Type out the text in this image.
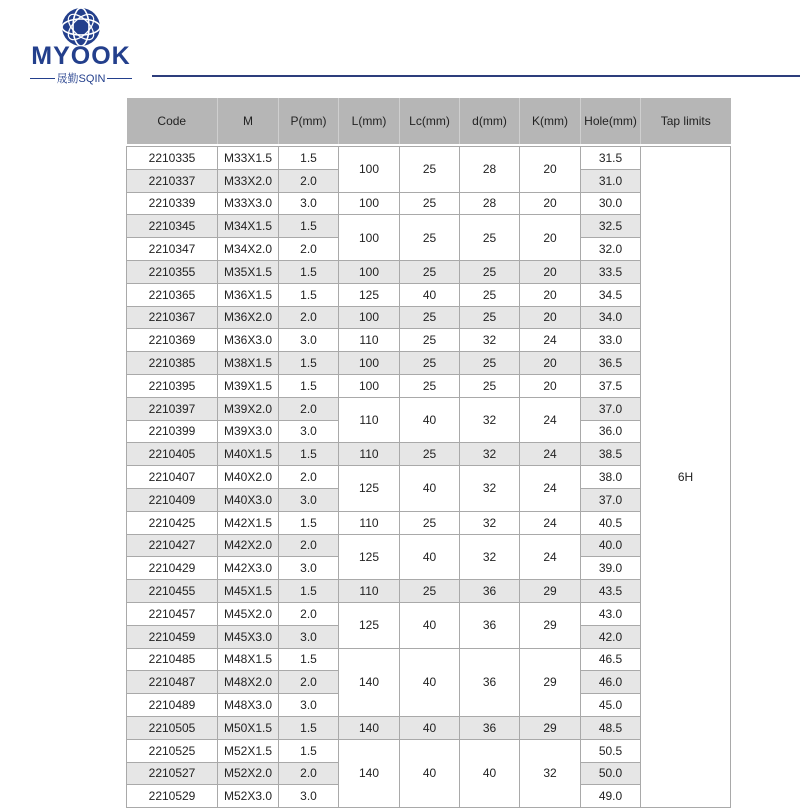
MYOOK
晟勤SQIN
Code	M	P(mm)	L(mm)	Lc(mm)	d(mm)	K(mm)	Hole(mm)	Tap limits

2210335	M33X1.5	1.5	100	25	28	20	31.5	6H
2210337	M33X2.0	2.0					31.0	
2210339	M33X3.0	3.0	100	25	28	20	30.0	
2210345	M34X1.5	1.5	100	25	25	20	32.5	
2210347	M34X2.0	2.0					32.0	
2210355	M35X1.5	1.5	100	25	25	20	33.5	
2210365	M36X1.5	1.5	125	40	25	20	34.5	
2210367	M36X2.0	2.0	100	25	25	20	34.0	
2210369	M36X3.0	3.0	110	25	32	24	33.0	
2210385	M38X1.5	1.5	100	25	25	20	36.5	
2210395	M39X1.5	1.5	100	25	25	20	37.5	
2210397	M39X2.0	2.0	110	40	32	24	37.0	
2210399	M39X3.0	3.0					36.0	
2210405	M40X1.5	1.5	110	25	32	24	38.5	
2210407	M40X2.0	2.0	125	40	32	24	38.0	
2210409	M40X3.0	3.0					37.0	
2210425	M42X1.5	1.5	110	25	32	24	40.5	
2210427	M42X2.0	2.0	125	40	32	24	40.0	
2210429	M42X3.0	3.0					39.0	
2210455	M45X1.5	1.5	110	25	36	29	43.5	
2210457	M45X2.0	2.0	125	40	36	29	43.0	
2210459	M45X3.0	3.0					42.0	
2210485	M48X1.5	1.5	140	40	36	29	46.5	
2210487	M48X2.0	2.0					46.0	
2210489	M48X3.0	3.0					45.0	
2210505	M50X1.5	1.5	140	40	36	29	48.5	
2210525	M52X1.5	1.5	140	40	40	32	50.5	
2210527	M52X2.0	2.0					50.0	
2210529	M52X3.0	3.0					49.0	
